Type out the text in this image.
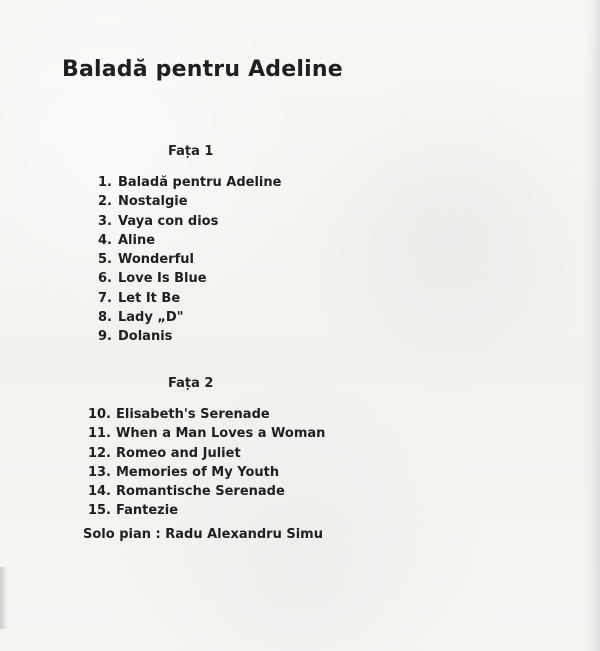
Baladă pentru Adeline
Fața 1
1. Baladă pentru Adeline
2. Nostalgie
3. Vaya con dios
4. Aline
5. Wonderful
6. Love Is Blue
7. Let It Be
8. Lady „D"
9. Dolanis
Fața 2
10. Elisabeth's Serenade
11. When a Man Loves a Woman
12. Romeo and Juliet
13. Memories of My Youth
14. Romantische Serenade
15. Fantezie

Solo pian : Radu Alexandru Simu
